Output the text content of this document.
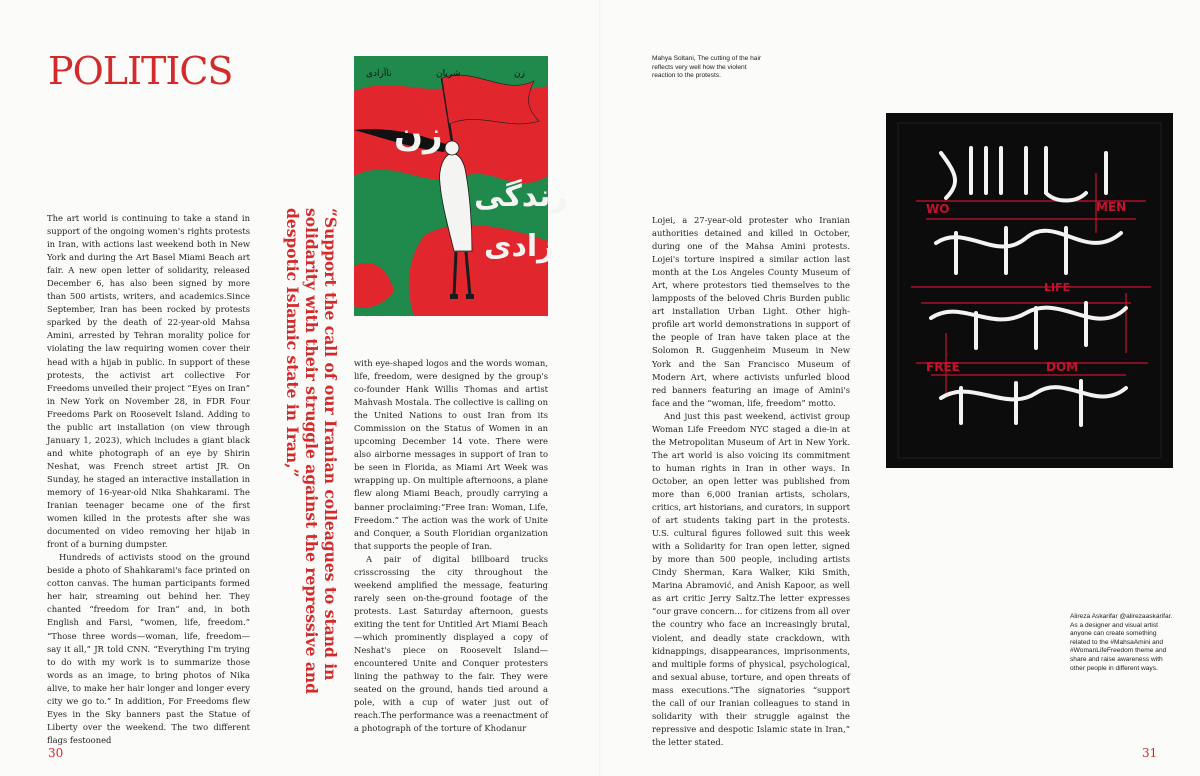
POLITICS

The art world is continuing to take a stand in support of the ongoing women's rights protests in Iran, with actions last weekend both in New York and during the Art Basel Miami Beach art fair. A new open letter of solidarity, released December 6, has also been signed by more than 500 artists, writers, and academics.Since September, Iran has been rocked by protests sparked by the death of 22-year-old Mahsa Amini, arrested by Tehran morality police for violating the law requiring women cover their head with a hijab in public. In support of these protests, the activist art collective For Freedoms unveiled their project “Eyes on Iran” in New York on November 28, in FDR Four Freedoms Park on Roosevelt Island. Adding to the public art installation (on view through January 1, 2023), which includes a giant black and white photograph of an eye by Shirin Neshat, was French street artist JR. On Sunday, he staged an interactive installation in memory of 16-year-old Nika Shahkarami. The Iranian teenager became one of the first women killed in the protests after she was documented on video removing her hijab in front of a burning dumpster.

Hundreds of activists stood on the ground beside a photo of Shahkarami's face printed on cotton canvas. The human participants formed her hair, streaming out behind her. They chanted “freedom for Iran” and, in both English and Farsi, “women, life, freedom.” “Those three words—woman, life, freedom—say it all,” JR told CNN. “Everything I'm trying to do with my work is to summarize those words as an image, to bring photos of Nika alive, to make her hair longer and longer every city we go to.” In addition, For Freedoms flew Eyes in the Sky banners past the Statue of Liberty over the weekend. The two different flags festooned

“Support the call of our Iranian colleagues to stand in solidarity with their struggle against the repressive and despotic Islamic state in Iran,”
ناآزادی	شریان	زن
زن
زندگی
زادی

with eye-shaped logos and the words woman, life, freedom, were designed by the group's co-founder Hank Willis Thomas and artist Mahvash Mostala. The collective is calling on the United Nations to oust Iran from its Commission on the Status of Women in an upcoming December 14 vote. There were also airborne messages in support of Iran to be seen in Florida, as Miami Art Week was wrapping up. On multiple afternoons, a plane flew along Miami Beach, proudly carrying a banner proclaiming:“Free Iran: Woman, Life, Freedom.” The action was the work of Unite and Conquer, a South Floridian organization that supports the people of Iran.

A pair of digital billboard trucks crisscrossing the city throughout the weekend amplified the message, featuring rarely seen on-the-ground footage of the protests. Last Saturday afternoon, guests exiting the tent for Untitled Art Miami Beach—which prominently displayed a copy of Neshat's piece on Roosevelt Island—encountered Unite and Conquer protesters lining the pathway to the fair. They were seated on the ground, hands tied around a pole, with a cup of water just out of reach.The performance was a reenactment of a photograph of the torture of Khodanur

Mahya Soltani, The cutting of the hair reflects very well how the violent reaction to the protests.

Lojei, a 27-year-old protester who Iranian authorities detained and killed in October, during one of the Mahsa Amini protests. Lojei's torture inspired a similar action last month at the Los Angeles County Museum of Art, where protestors tied themselves to the lampposts of the beloved Chris Burden public art installation Urban Light. Other high-profile art world demonstrations in support of the people of Iran have taken place at the Solomon R. Guggenheim Museum in New York and the San Francisco Museum of Modern Art, where activists unfurled blood red banners featuring an image of Amini's face and the “woman, life, freedom” motto.

And just this past weekend, activist group Woman Life Freedom NYC staged a die-in at the Metropolitan Museum of Art in New York. The art world is also voicing its commitment to human rights in Iran in other ways. In October, an open letter was published from more than 6,000 Iranian artists, scholars, critics, art historians, and curators, in support of art students taking part in the protests. U.S. cultural figures followed suit this week with a Solidarity for Iran open letter, signed by more than 500 people, including artists Cindy Sherman, Kara Walker, Kiki Smith, Marina Abramović, and Anish Kapoor, as well as art critic Jerry Saltz.The letter expresses “our grave concern... for citizens from all over the country who face an increasingly brutal, violent, and deadly state crackdown, with kidnappings, disappearances, imprisonments, and multiple forms of physical, psychological, and sexual abuse, torture, and open threats of mass executions.”The signatories “support the call of our Iranian colleagues to stand in solidarity with their struggle against the repressive and despotic Islamic state in Iran,” the letter stated.

WO	MEN
LIFE
FREE	DOM
Alireza Askarifar @alirezaaskarifar. As a designer and visual artist anyone can create something related to the #MahsaAmini and #WomanLifeFreedom theme and share and raise awareness with other people in different ways.
30	31
